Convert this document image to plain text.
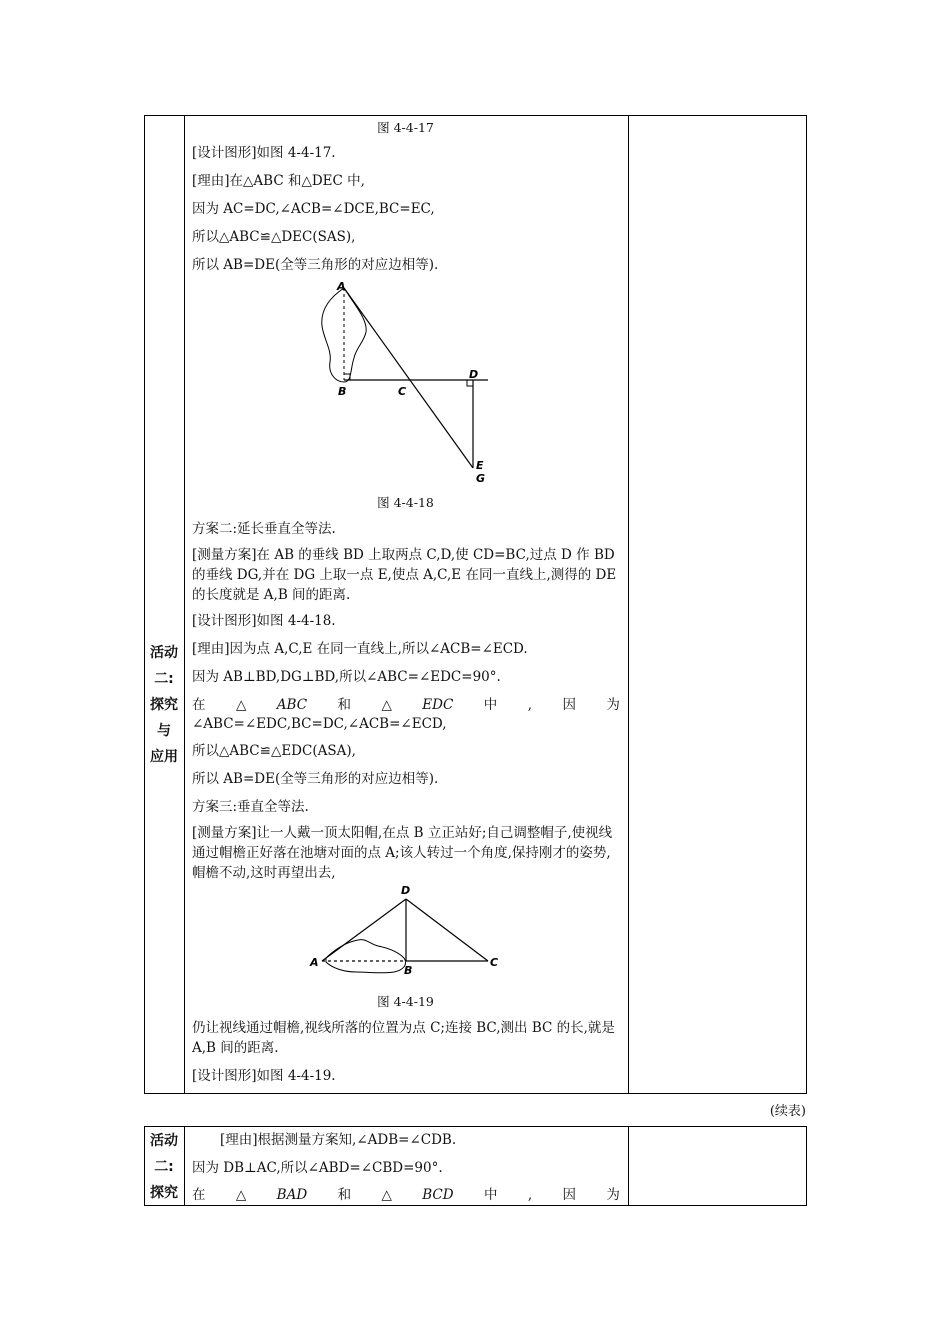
活动
二:
探究
与
应用
图 4-4-17
[设计图形]如图 4-4-17.
[理由]在△ABC 和△DEC 中,
因为 AC=DC,∠ACB=∠DCE,BC=EC,
所以△ABC≌△DEC(SAS),
所以 AB=DE(全等三角形的对应边相等).
A
B	C
D
E
G
图 4-4-18
方案二:延长垂直全等法.
[测量方案]在 AB 的垂线 BD 上取两点 C,D,使 CD=BC,过点 D 作 BD 的垂线 DG,并在 DG 上取一点 E,使点 A,C,E 在同一直线上,测得的 DE 的长度就是 A,B 间的距离.
[设计图形]如图 4-4-18.
[理由]因为点 A,C,E 在同一直线上,所以∠ACB=∠ECD.
因为 AB⊥BD,DG⊥BD,所以∠ABC=∠EDC=90°.
在 △ ABC 和 △ EDC 中 , 因 为
∠ABC=∠EDC,BC=DC,∠ACB=∠ECD,
所以△ABC≌△EDC(ASA),
所以 AB=DE(全等三角形的对应边相等).
方案三:垂直全等法.
[测量方案]让一人戴一顶太阳帽,在点 B 立正站好;自己调整帽子,使视线通过帽檐正好落在池塘对面的点 A;该人转过一个角度,保持刚才的姿势,帽檐不动,这时再望出去,
D
A
B
C
图 4-4-19
仍让视线通过帽檐,视线所落的位置为点 C;连接 BC,测出 BC 的长,就是 A,B 间的距离.
[设计图形]如图 4-4-19.
(续表)
活动
二:
探究
[理由]根据测量方案知,∠ADB=∠CDB.
因为 DB⊥AC,所以∠ABD=∠CBD=90°.
在 △ BAD 和 △ BCD 中 , 因 为
